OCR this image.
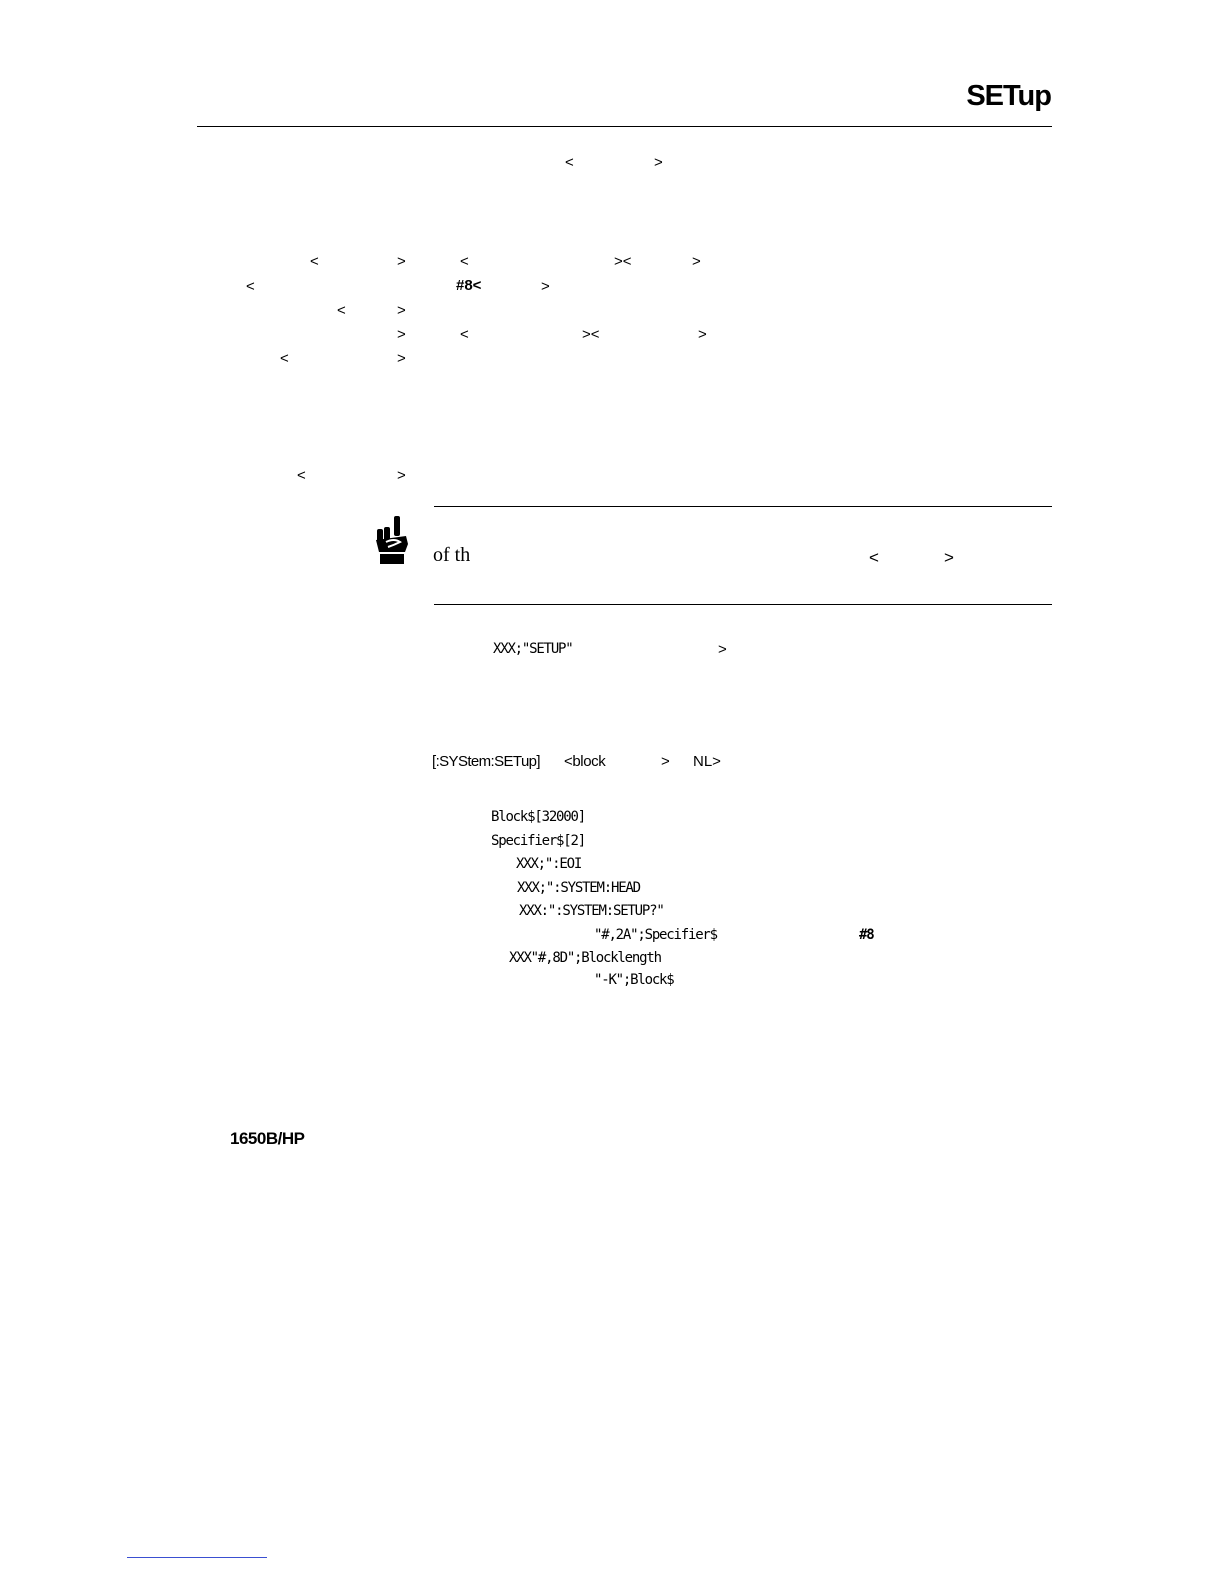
SETup
<	>
<	>	<	><	>
<	#8<	>
<	>
>	<	><	>
<	>
<	>
of th	<	>
XXX;"SETUP"	>
[:SYStem:SETup] <block	> NL>
Block$[32000]
Specifier$[2]
XXX;":EOI
XXX;":SYSTEM:HEAD
XXX:":SYSTEM:SETUP?"
"#,2A";Specifier$	#8
XXX"#,8D";Blocklength
"-K";Block$
1650B/HP
